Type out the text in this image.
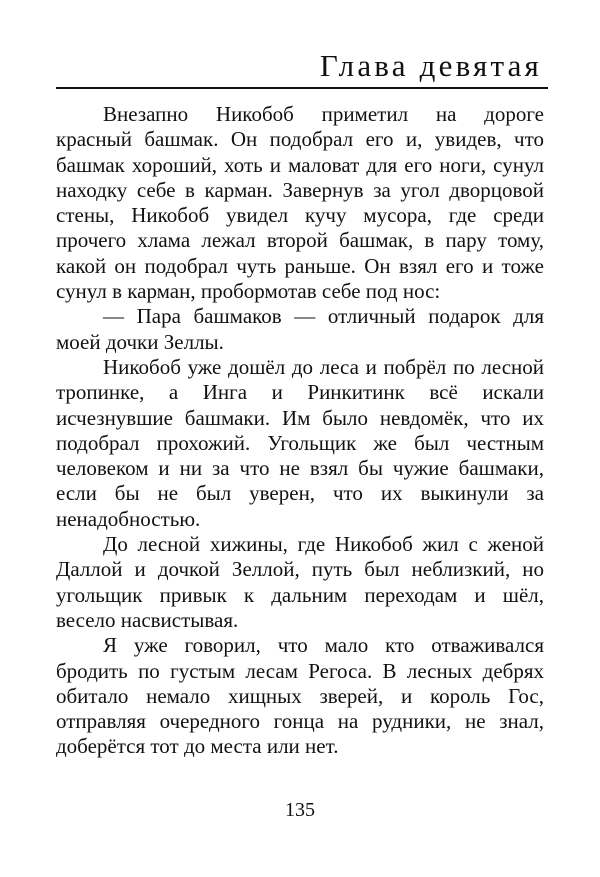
Глава девятая
Внезапно Никобоб приметил на дороге
красный башмак. Он подобрал его и, увидев, что
башмак хороший, хоть и маловат для его ноги, сунул
находку себе в карман. Завернув за угол дворцовой
стены, Никобоб увидел кучу мусора, где среди
прочего хлама лежал второй башмак, в пару тому,
какой он подобрал чуть раньше. Он взял его и тоже
сунул в карман, пробормотав себе под нос:
— Пара башмаков — отличный подарок для
моей дочки Зеллы.
Никобоб уже дошёл до леса и побрёл по лесной
тропинке, а Инга и Ринкитинк всё искали
исчезнувшие башмаки. Им было невдомёк, что их
подобрал прохожий. Угольщик же был честным
человеком и ни за что не взял бы чужие башмаки,
если бы не был уверен, что их выкинули за
ненадобностью.
До лесной хижины, где Никобоб жил с женой
Даллой и дочкой Зеллой, путь был неблизкий, но
угольщик привык к дальним переходам и шёл,
весело насвистывая.
Я уже говорил, что мало кто отваживался
бродить по густым лесам Регоса. В лесных дебрях
обитало немало хищных зверей, и король Гос,
отправляя очередного гонца на рудники, не знал,
доберётся тот до места или нет.
135
